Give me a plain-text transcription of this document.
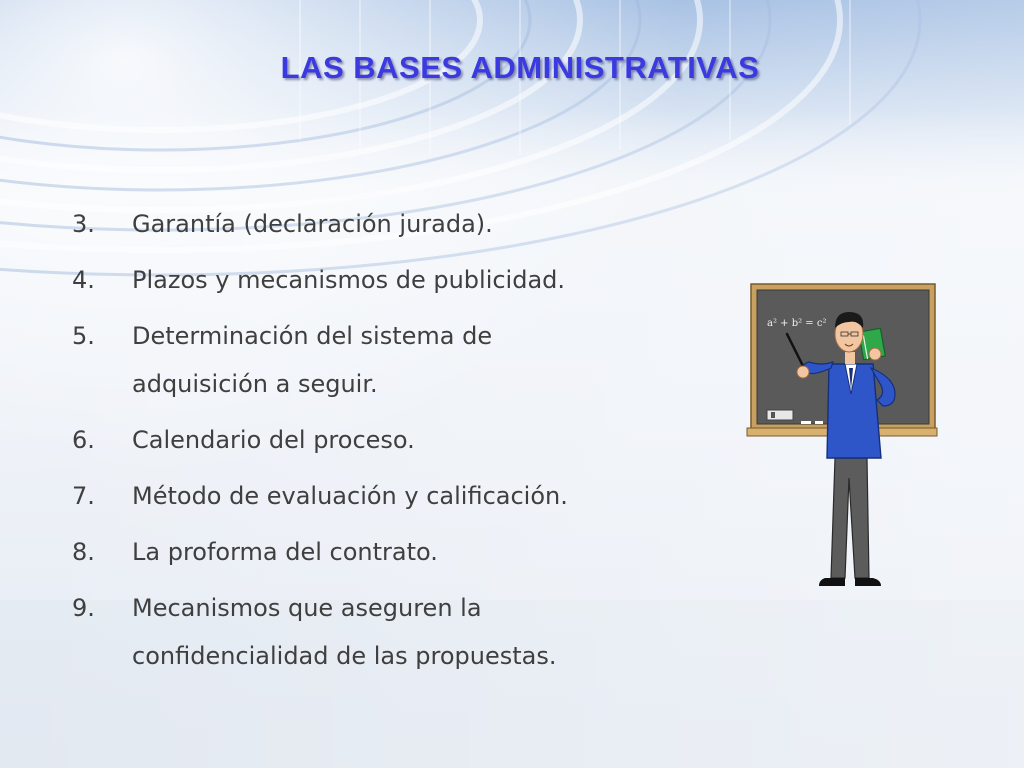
LAS BASES ADMINISTRATIVAS
3.	Garantía (declaración jurada).
4.	Plazos y mecanismos de publicidad.
5.	Determinación del sistema de adquisición a seguir.
6.	Calendario del proceso.
7.	Método de evaluación y calificación.
8.	La proforma del contrato.
9.	Mecanismos que aseguren la confidencialidad de las propuestas.
a² + b² = c²
